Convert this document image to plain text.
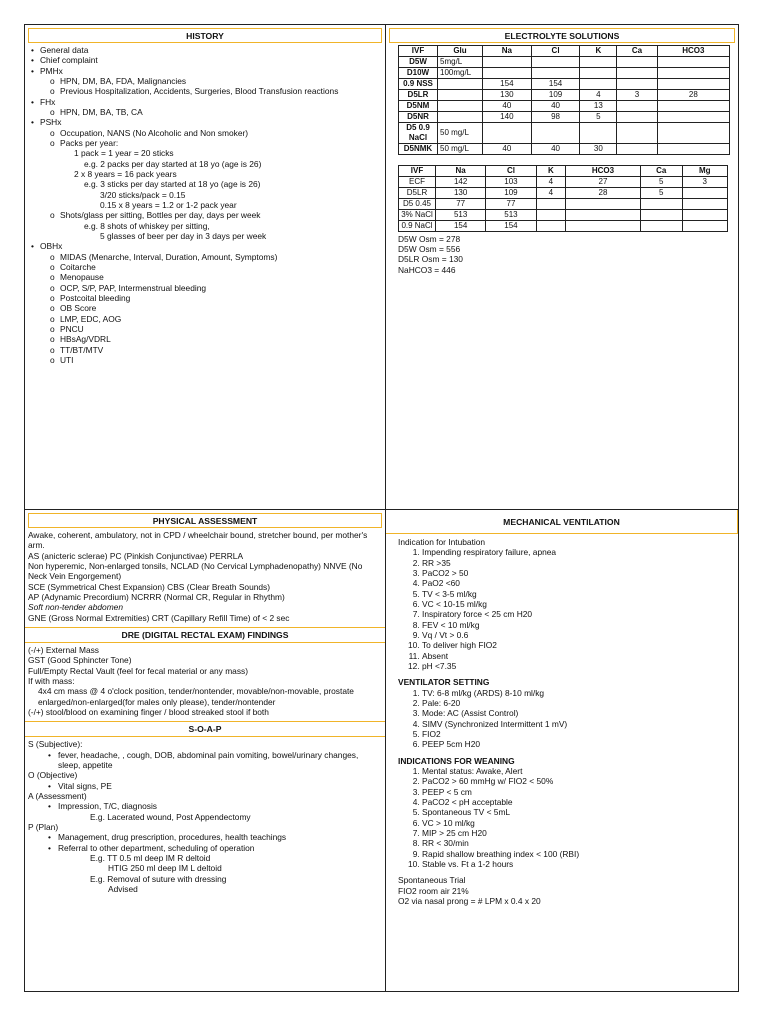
HISTORY
• General data
• Chief complaint
• PMHx
o HPN, DM, BA, FDA, Malignancies
o Previous Hospitalization, Accidents, Surgeries, Blood Transfusion reactions
• FHx
o HPN, DM, BA, TB, CA
• PSHx
o Occupation, NANS (No Alcoholic and Non smoker)
o Packs per year:
1 pack = 1 year = 20 sticks
e.g. 2 packs per day started at 18 yo (age is 26)
2 x 8 years = 16 pack years
e.g. 3 sticks per day started at 18 yo (age is 26)
3/20 sticks/pack = 0.15
0.15 x 8 years = 1.2 or 1-2 pack year
o Shots/glass per sitting, Bottles per day, days per week
e.g. 8 shots of whiskey per sitting,
5 glasses of beer per day in 3 days per week
• OBHx
o MIDAS (Menarche, Interval, Duration, Amount, Symptoms)
o Coitarche
o Menopause
o OCP, S/P, PAP, Intermenstrual bleeding
o Postcoital bleeding
o OB Score
o LMP, EDC, AOG
o PNCU
o HBsAg/VDRL
o TT/BT/MTV
o UTI
ELECTROLYTE SOLUTIONS
IVF	Glu	Na	Cl	K	Ca	HCO3
D5W	5mg/L					
D10W	100mg/L					
0.9 NSS		154	154			
D5LR		130	109	4	3	28
D5NM		40	40	13		
D5NR		140	98	5		
D5 0.9 NaCl	50 mg/L					
D5NMK	50 mg/L	40	40	30		
IVF	Na	Cl	K	HCO3	Ca	Mg
ECF	142	103	4	27	5	3
D5LR	130	109	4	28	5	
D5 0.45	77	77				
3% NaCl	513	513				
0.9 NaCl	154	154				
D5W Osm = 278
D5W Osm = 556
D5LR Osm = 130
NaHCO3 = 446
PHYSICAL ASSESSMENT
Awake, coherent, ambulatory, not in CPD / wheelchair bound, stretcher bound, per mother's arm.
AS (anicteric sclerae) PC (Pinkish Conjunctivae) PERRLA
Non hyperemic, Non-enlarged tonsils, NCLAD (No Cervical Lymphadenopathy) NNVE (No Neck Vein Engorgement)
SCE (Symmetrical Chest Expansion) CBS (Clear Breath Sounds)
AP (Adynamic Precordium) NCRRR (Normal CR, Regular in Rhythm)
Soft non-tender abdomen
GNE (Gross Normal Extremities) CRT (Capillary Refill Time) of < 2 sec
DRE (DIGITAL RECTAL EXAM) FINDINGS
(-/+) External Mass
GST (Good Sphincter Tone)
Full/Empty Rectal Vault (feel for fecal material or any mass)
If with mass:
4x4 cm mass @ 4 o'clock position, tender/nontender, movable/non-movable, prostate enlarged/non-enlarged(for males only please), tender/nontender
(-/+) stool/blood on examining finger / blood streaked stool if both
S-O-A-P
S (Subjective):
• fever, headache, , cough, DOB, abdominal pain vomiting, bowel/urinary changes, sleep, appetite
O (Objective)
• Vital signs, PE
A (Assessment)
• Impression, T/C, diagnosis
E.g. Lacerated wound, Post Appendectomy
P (Plan)
• Management, drug prescription, procedures, health teachings
• Referral to other department, scheduling of operation
E.g. TT 0.5 ml deep IM R deltoid
HTIG 250 ml deep IM L deltoid
E.g. Removal of suture with dressing
Advised
MECHANICAL VENTILATION
Indication for Intubation
1. Impending respiratory failure, apnea
2. RR >35
3. PaCO2 > 50
4. PaO2 <60
5. TV < 3-5 ml/kg
6. VC < 10-15 ml/kg
7. Inspiratory force < 25 cm H20
8. FEV < 10 ml/kg
9. Vq / Vt > 0.6
10. To deliver high FIO2
11. Absent
12. pH <7.35
VENTILATOR SETTING
1. TV: 6-8 ml/kg (ARDS) 8-10 ml/kg
2. Pale: 6-20
3. Mode: AC (Assist Control)
4. SIMV (Synchronized Intermittent 1 mV)
5. FIO2
6. PEEP 5cm H20
INDICATIONS FOR WEANING
1. Mental status: Awake, Alert
2. PaCO2 > 60 mmHg w/ FIO2 < 50%
3. PEEP < 5 cm
4. PaCO2 < pH acceptable
5. Spontaneous TV < 5mL
6. VC > 10 ml/kg
7. MIP > 25 cm H20
8. RR < 30/min
9. Rapid shallow breathing index < 100 (RBI)
10. Stable vs. Ft a 1-2 hours
Spontaneous Trial
FIO2 room air 21%
O2 via nasal prong = # LPM x 0.4 x 20
